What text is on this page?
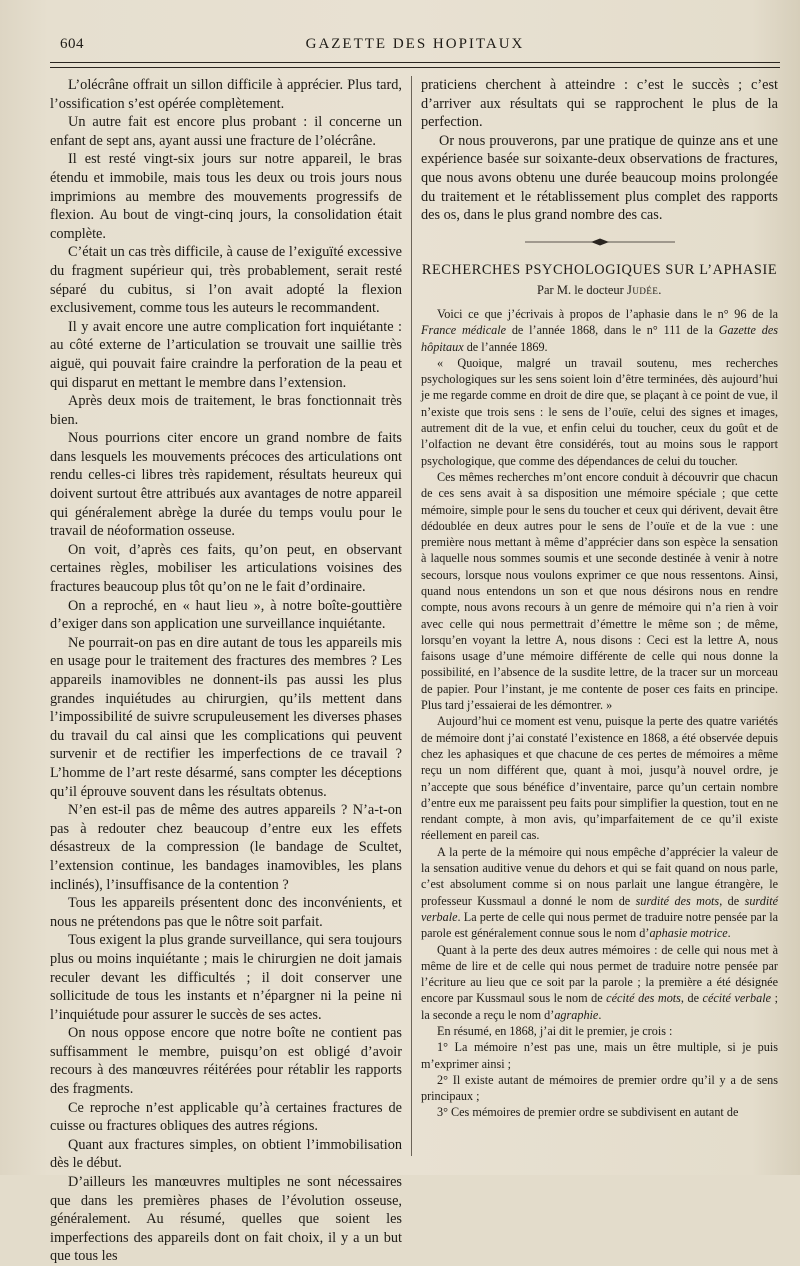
604	GAZETTE DES HOPITAUX

L’olécrâne offrait un sillon difficile à apprécier. Plus tard, l’ossification s’est opérée complètement.

Un autre fait est encore plus probant : il concerne un enfant de sept ans, ayant aussi une fracture de l’olécrâne.

Il est resté vingt-six jours sur notre appareil, le bras étendu et immobile, mais tous les deux ou trois jours nous imprimions au membre des mouvements progressifs de flexion. Au bout de vingt-cinq jours, la consolidation était complète.

C’était un cas très difficile, à cause de l’exiguïté excessive du fragment supérieur qui, très probablement, serait resté séparé du cubitus, si l’on avait adopté la flexion exclusivement, comme tous les auteurs le recommandent.

Il y avait encore une autre complication fort inquiétante : au côté externe de l’articulation se trouvait une saillie très aiguë, qui pouvait faire craindre la perforation de la peau et qui disparut en mettant le membre dans l’extension.

Après deux mois de traitement, le bras fonctionnait très bien.

Nous pourrions citer encore un grand nombre de faits dans lesquels les mouvements précoces des articulations ont rendu celles-ci libres très rapidement, résultats heureux qui doivent surtout être attribués aux avantages de notre appareil qui généralement abrège la durée du temps voulu pour le travail de néoformation osseuse.

On voit, d’après ces faits, qu’on peut, en observant certaines règles, mobiliser les articulations voisines des fractures beaucoup plus tôt qu’on ne le fait d’ordinaire.

On a reproché, en « haut lieu », à notre boîte-gouttière d’exiger dans son application une surveillance inquiétante.

Ne pourrait-on pas en dire autant de tous les appareils mis en usage pour le traitement des fractures des membres ? Les appareils inamovibles ne donnent-ils pas aussi les plus grandes inquiétudes au chirurgien, qu’ils mettent dans l’impossibilité de suivre scrupuleusement les diverses phases du travail du cal ainsi que les complications qui peuvent survenir et de rectifier les imperfections de ce travail ? L’homme de l’art reste désarmé, sans compter les déceptions qu’il éprouve souvent dans les résultats obtenus.

N’en est-il pas de même des autres appareils ? N’a-t-on pas à redouter chez beaucoup d’entre eux les effets désastreux de la compression (le bandage de Scultet, l’extension continue, les bandages inamovibles, les plans inclinés), l’insuffisance de la contention ?

Tous les appareils présentent donc des inconvénients, et nous ne prétendons pas que le nôtre soit parfait.

Tous exigent la plus grande surveillance, qui sera toujours plus ou moins inquiétante ; mais le chirurgien ne doit jamais reculer devant les difficultés ; il doit conserver une sollicitude de tous les instants et n’épargner ni la peine ni l’inquiétude pour assurer le succès de ses actes.

On nous oppose encore que notre boîte ne contient pas suffisamment le membre, puisqu’on est obligé d’avoir recours à des manœuvres réitérées pour rétablir les rapports des fragments.

Ce reproche n’est applicable qu’à certaines fractures de cuisse ou fractures obliques des autres régions.

Quant aux fractures simples, on obtient l’immobilisation dès le début.

D’ailleurs les manœuvres multiples ne sont nécessaires que dans les premières phases de l’évolution osseuse, généralement. Au résumé, quelles que soient les imperfections des appareils dont on fait choix, il y a un but que tous les

praticiens cherchent à atteindre : c’est le succès ; c’est d’arriver aux résultats qui se rapprochent le plus de la perfection.

Or nous prouverons, par une pratique de quinze ans et une expérience basée sur soixante-deux observations de fractures, que nous avons obtenu une durée beaucoup moins prolongée du traitement et le rétablissement plus complet des rapports des os, dans le plus grand nombre des cas.

RECHERCHES PSYCHOLOGIQUES SUR L’APHASIE
Par M. le docteur Judée.

Voici ce que j’écrivais à propos de l’aphasie dans le n° 96 de la France médicale de l’année 1868, dans le n° 111 de la Gazette des hôpitaux de l’année 1869.

« Quoique, malgré un travail soutenu, mes recherches psychologiques sur les sens soient loin d’être terminées, dès aujourd’hui je me regarde comme en droit de dire que, se plaçant à ce point de vue, il n’existe que trois sens : le sens de l’ouïe, celui des signes et images, autrement dit de la vue, et enfin celui du toucher, ceux du goût et de l’olfaction ne devant être considérés, tout au moins sous le rapport psychologique, que comme des dépendances de celui du toucher.

Ces mêmes recherches m’ont encore conduit à découvrir que chacun de ces sens avait à sa disposition une mémoire spéciale ; que cette mémoire, simple pour le sens du toucher et ceux qui dérivent, devait être dédoublée en deux autres pour le sens de l’ouïe et de la vue : une première nous mettant à même d’apprécier dans son espèce la sensation à laquelle nous sommes soumis et une seconde destinée à venir à notre secours, lorsque nous voulons exprimer ce que nous ressentons. Ainsi, quand nous entendons un son et que nous désirons nous en rendre compte, nous avons recours à un genre de mémoire qui n’a rien à voir avec celle qui nous permettrait d’émettre le même son ; de même, lorsqu’en voyant la lettre A, nous disons : Ceci est la lettre A, nous faisons usage d’une mémoire différente de celle qui nous donne la possibilité, en l’absence de la susdite lettre, de la tracer sur un morceau de papier. Pour l’instant, je me contente de poser ces faits en principe. Plus tard j’essaierai de les démontrer. »

Aujourd’hui ce moment est venu, puisque la perte des quatre variétés de mémoire dont j’ai constaté l’existence en 1868, a été observée depuis chez les aphasiques et que chacune de ces pertes de mémoires a même reçu un nom différent que, quant à moi, jusqu’à nouvel ordre, je n’accepte que sous bénéfice d’inventaire, parce qu’un certain nombre d’entre eux me paraissent peu faits pour simplifier la question, tout en ne rendant compte, à mon avis, qu’imparfaitement de ce qu’il existe réellement en pareil cas.

A la perte de la mémoire qui nous empêche d’apprécier la valeur de la sensation auditive venue du dehors et qui se fait quand on nous parle, c’est absolument comme si on nous parlait une langue étrangère, le professeur Kussmaul a donné le nom de surdité des mots, de surdité verbale. La perte de celle qui nous permet de traduire notre pensée par la parole est généralement connue sous le nom d’aphasie motrice.

Quant à la perte des deux autres mémoires : de celle qui nous met à même de lire et de celle qui nous permet de traduire notre pensée par l’écriture au lieu que ce soit par la parole ; la première a été désignée encore par Kussmaul sous le nom de cécité des mots, de cécité verbale ; la seconde a reçu le nom d’agraphie.

En résumé, en 1868, j’ai dit le premier, je crois :

1° La mémoire n’est pas une, mais un être multiple, si je puis m’exprimer ainsi ;

2° Il existe autant de mémoires de premier ordre qu’il y a de sens principaux ;

3° Ces mémoires de premier ordre se subdivisent en autant de
